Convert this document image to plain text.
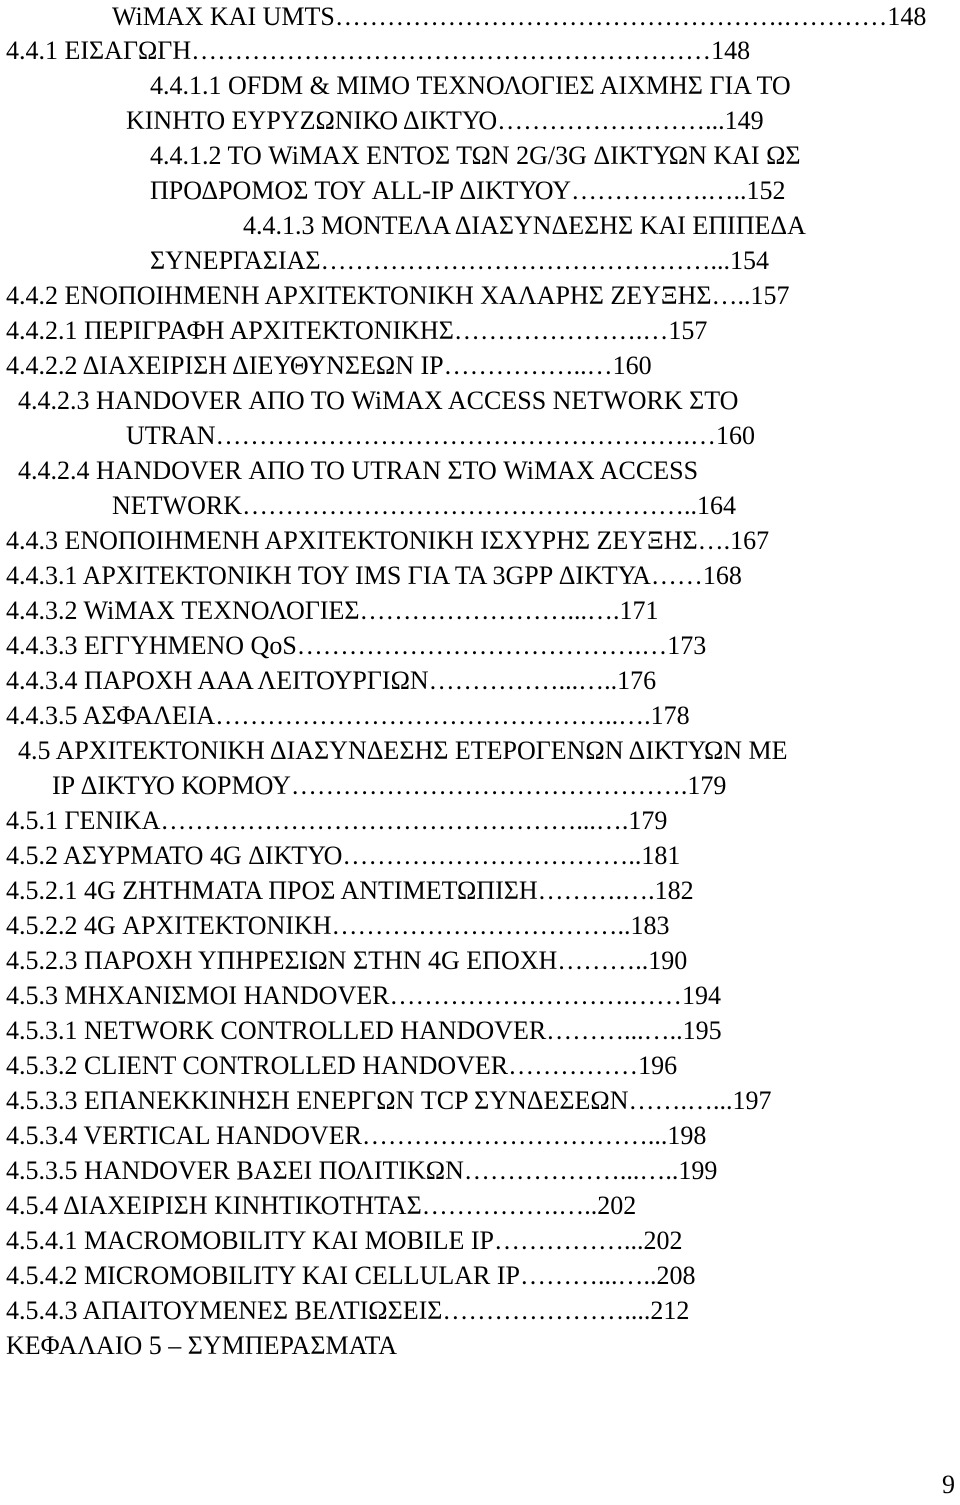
WiMAX KAI UMTS…………………………………………….…………148
4.4.1 ΕΙΣΑΓΩΓΗ……………………………………………………148
4.4.1.1 OFDM & MIMO ΤΕΧΝΟΛΟΓΙΕΣ ΑΙΧΜΗΣ ΓΙΑ ΤΟ
ΚΙΝΗΤΟ ΕΥΡΥΖΩΝΙΚΟ ΔΙΚΤΥΟ……………………...149
4.4.1.2 ΤΟ WiMAX ΕΝΤΟΣ ΤΩΝ 2G/3G ΔΙΚΤΥΩΝ ΚΑΙ ΩΣ
ΠΡΟΔΡΟΜΟΣ ΤΟΥ ALL-IP ΔΙΚΤΥΟΥ…………….…..152
4.4.1.3 ΜΟΝΤΕΛΑ ΔΙΑΣΥΝΔΕΣΗΣ ΚΑΙ ΕΠΙΠΕΔΑ
ΣΥΝΕΡΓΑΣΙΑΣ………………………………………...154
4.4.2 ΕΝΟΠΟΙΗΜΕΝΗ ΑΡΧΙΤΕΚΤΟΝΙΚΗ ΧΑΛΑΡΗΣ ΖΕΥΞΗΣ…..157
4.4.2.1 ΠΕΡΙΓΡΑΦΗ ΑΡΧΙΤΕΚΤΟΝΙΚΗΣ………………….…157
4.4.2.2 ΔΙΑΧΕΙΡΙΣΗ ΔΙΕΥΘΥΝΣΕΩΝ IP……………..…160
4.4.2.3 HANDOVER ΑΠΟ ΤΟ WiMAX ACCESS NETWORK ΣΤΟ
UTRAN……………………………………………….…160
4.4.2.4 HANDOVER ΑΠΟ ΤΟ UTRAN ΣΤΟ WiMAX ACCESS
NETWORK……………………………………………..164
4.4.3 ΕΝΟΠΟΙΗΜΕΝΗ ΑΡΧΙΤΕΚΤΟΝΙΚΗ ΙΣΧΥΡΗΣ ΖΕΥΞΗΣ….167
4.4.3.1 ΑΡΧΙΤΕΚΤΟΝΙΚΗ ΤΟΥ IMS ΓΙΑ ΤΑ 3GPP ΔΙΚΤΥΑ……168
4.4.3.2 WiMAX ΤΕΧΝΟΛΟΓΙΕΣ……………………...….171
4.4.3.3 ΕΓΓΥΗΜΕΝΟ QoS………………………………….…173
4.4.3.4 ΠΑΡΟΧΗ ΑΑΑ ΛΕΙΤΟΥΡΓΙΩΝ……………...…..176
4.4.3.5 ΑΣΦΑΛΕΙΑ………………………………………..….178
4.5 ΑΡΧΙΤΕΚΤΟΝΙΚΗ ΔΙΑΣΥΝΔΕΣΗΣ ΕΤΕΡΟΓΕΝΩΝ ΔΙΚΤΥΩΝ ΜΕ
IP ΔΙΚΤΥΟ ΚΟΡΜΟΥ……………………………………….179
4.5.1 ΓΕΝΙΚΑ…………………………………………...….179
4.5.2 ΑΣΥΡΜΑΤΟ 4G ΔΙΚΤΥΟ……………………………..181
4.5.2.1 4G ΖΗΤΗΜΑΤΑ ΠΡΟΣ ΑΝΤΙΜΕΤΩΠΙΣΗ……….….182
4.5.2.2 4G ΑΡΧΙΤΕΚΤΟΝΙΚΗ……………………………..183
4.5.2.3 ΠΑΡΟΧΗ ΥΠΗΡΕΣΙΩΝ ΣΤΗΝ 4G ΕΠΟΧΗ………..190
4.5.3 ΜΗΧΑΝΙΣΜΟΙ HANDOVER……………………….……194
4.5.3.1 NETWORK CONTROLLED HANDOVER………...…..195
4.5.3.2 CLIENT CONTROLLED HANDOVER……………196
4.5.3.3 ΕΠΑΝΕΚΚΙΝΗΣΗ ΕΝΕΡΓΩΝ TCP ΣΥΝΔΕΣΕΩΝ…….…...197
4.5.3.4 VERTICAL HANDOVER……………………………...198
4.5.3.5 HANDOVER ΒΑΣΕΙ ΠΟΛΙΤΙΚΩΝ………………...…..199
4.5.4 ΔΙΑΧΕΙΡΙΣΗ ΚΙΝΗΤΙΚΟΤΗΤΑΣ…………….…..202
4.5.4.1 MACROMOBILITY KAI MOBILE IP……………...202
4.5.4.2 MICROMOBILITY KAI CELLULAR IP………...…..208
4.5.4.3 ΑΠΑΙΤΟΥΜΕΝΕΣ ΒΕΛΤΙΩΣΕΙΣ…………………....212
ΚΕΦΑΛΑΙΟ 5 – ΣΥΜΠΕΡΑΣΜΑΤΑ
9
